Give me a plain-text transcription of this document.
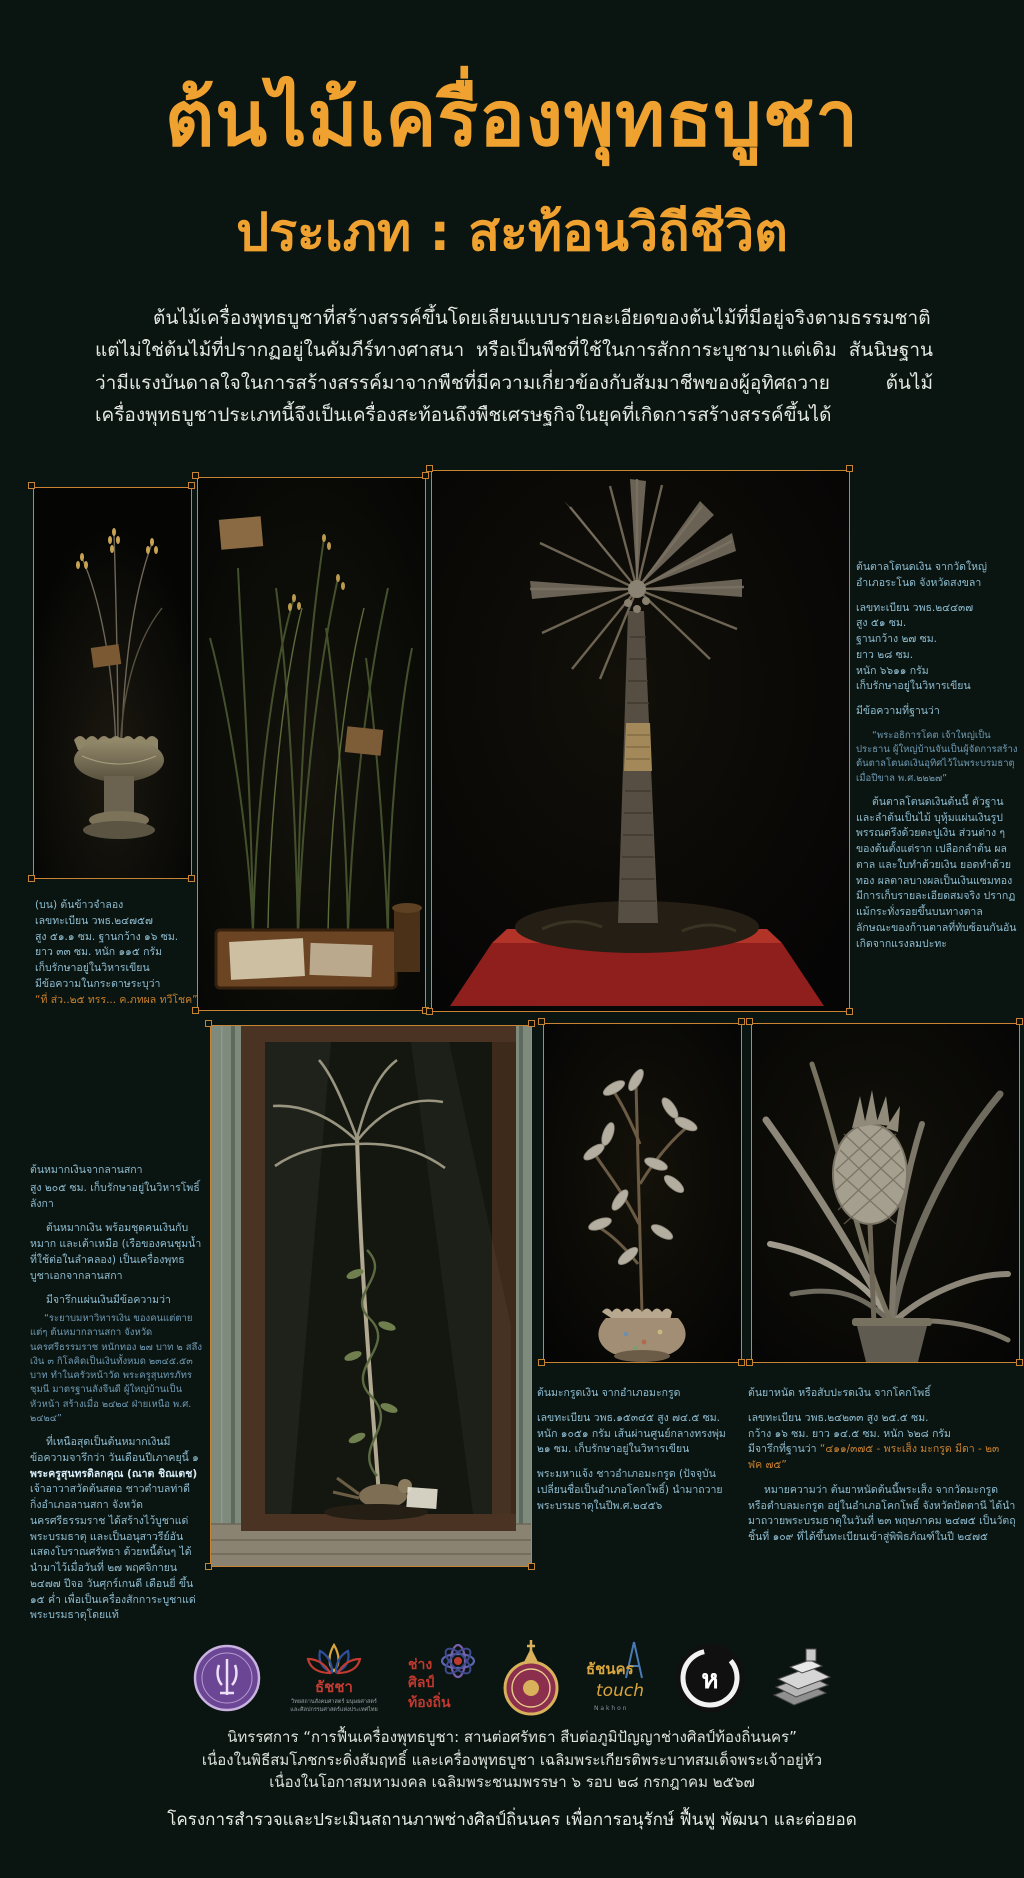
ต้นไม้เครื่องพุทธบูชา
ประเภท : สะท้อนวิถีชีวิต
ต้นไม้เครื่องพุทธบูชาที่สร้างสรรค์ขึ้นโดยเลียนแบบรายละเอียดของต้นไม้ที่มีอยู่จริงตามธรรมชาติ แต่ไม่ใช่ต้นไม้ที่ปรากฏอยู่ในคัมภีร์ทางศาสนา หรือเป็นพืชที่ใช้ในการสักการะบูชามาแต่เดิม สันนิษฐานว่ามีแรงบันดาลใจในการสร้างสรรค์มาจากพืชที่มีความเกี่ยวข้องกับสัมมาชีพของผู้อุทิศถวาย ต้นไม้เครื่องพุทธบูชาประเภทนี้จึงเป็นเครื่องสะท้อนถึงพืชเศรษฐกิจในยุคที่เกิดการสร้างสรรค์ขึ้นได้

ต้นตาลโตนดเงิน จากวัดใหญ่ อำเภอระโนด จังหวัดสงขลา

เลขทะเบียน วพธ.๒๔๔๓๗
สูง ๕๑ ซม.
ฐานกว้าง ๒๗ ซม.
ยาว ๒๘ ซม.
หนัก ๖๖๑๑ กรัม
เก็บรักษาอยู่ในวิหารเขียน

มีข้อความที่ฐานว่า

“พระอธิการโคต เจ้าใหญ่เป็นประธาน ผู้ใหญ่บ้านจันเป็นผู้จัดการสร้างต้นตาลโตนดเงินอุทิศไว้ในพระบรมธาตุเมื่อปีขาล พ.ศ.๒๒๒๗”

ต้นตาลโตนดเงินต้นนี้ ตัวฐาน และลำต้นเป็นไม้ บุหุ้มแผ่นเงินรูปพรรณตรึงด้วยตะปูเงิน ส่วนต่าง ๆ ของต้นตั้งแต่ราก เปลือกลำต้น ผลตาล และใบทำด้วยเงิน ยอดทำด้วยทอง ผลตาลบางผลเป็นเงินแซมทอง มีการเก็บรายละเอียดสมจริง ปรากฏแม้กระทั่งรอยขึ้นบนทางตาล ลักษณะของก้านตาลที่ทับซ้อนกันอันเกิดจากแรงลมปะทะ

(บน) ต้นข้าวจำลอง
เลขทะเบียน วพธ.๒๔๗๕๗
สูง ๕๑.๑ ซม. ฐานกว้าง ๑๖ ซม.
ยาว ๓๓ ซม. หนัก ๑๑๕ กรัม
เก็บรักษาอยู่ในวิหารเขียน
มีข้อความในกระดาษระบุว่า
“ที่ ส่ว..๒๕ ทรร... ค.ภทผล ทวีโชค”

ต้นหมากเงินจากลานสกา

สูง ๒๐๕ ซม. เก็บรักษาอยู่ในวิหารโพธิ์ลังกา

ต้นหมากเงิน พร้อมชุดคนเงินกับหมาก และเต้าเหมือ (เรือของคนชุมน้ำที่ใช้ต่อในลำคลอง) เป็นเครื่องพุทธบูชาเอกจากลานสกา

มีจารึกแผ่นเงินมีข้อความว่า

“ระยาบมหาวิหารเงิน ของคนแต่ตายแต่ๆ ต้นหมากลานสกา จังหวัดนครศรีธรรมราช หนักทอง ๒๗ บาท ๒ สลึง เงิน ๓ กิโลคิดเป็นเงินทั้งหมด ๒๓๔๕.๕๓ บาท ทำในครัวหน้าวัด พระครูสุนทรภัทรชุมนี มาตรฐานลังจีนดี ผู้ใหญ่บ้านเป็นหัวหน้า สร้างเมื่อ ๒๔๒๔ ฝ่ายเหนือ พ.ศ. ๒๔๒๔”

ที่เหนือสุดเป็นต้นหมากเงินมีข้อความจารึกว่า วันเดือนปีเภาคยุนี้ ๑ พระครูสุนทรดิลกคุณ (ณาต ชิณเตช) เจ้าอาวาสวัดต้นสตอ ชาวตำบลท่าดี กิ่งอำเภอลานสกา จังหวัดนครศรีธรรมราช ได้สร้างไว้บูชาแด่พระบรมธาตุ และเป็นอนุสาวรีย์อันแสดงโบราณศรัทธา ด้วยหนี้ต้นๆ ได้นำมาไว้เมื่อวันที่ ๒๗ พฤศจิกายน ๒๔๗๗ ปีจอ วันศุกร์เกนดี เดือนยี่ ขึ้น ๑๕ ค่ำ เพื่อเป็นเครื่องสักการะบูชาแด่พระบรมธาตุโดยแท้

ต้นมะกรูดเงิน จากอำเภอมะกรูด

เลขทะเบียน วพธ.๑๕๓๔๕ สูง ๗๔.๕ ซม. หนัก ๑๐๕๑ กรัม เส้นผ่านศูนย์กลางทรงพุ่ม ๒๑ ซม. เก็บรักษาอยู่ในวิหารเขียน

พระมหาแจ้ง ชาวอำเภอมะกรูด (ปัจจุบันเปลี่ยนชื่อเป็นอำเภอโคกโพธิ์) นำมาถวายพระบรมธาตุในปีพ.ศ.๒๔๕๖

ต้นยาหนัด หรือสับปะรดเงิน จากโคกโพธิ์

เลขทะเบียน วพธ.๒๔๒๓๓ สูง ๒๕.๕ ซม.
กว้าง ๑๖ ซม. ยาว ๑๔.๕ ซม. หนัก ๖๒๘ กรัม
มีจารึกที่ฐานว่า “๔๑๑/๓๗๕ - พระเส็ง มะกรูด มีดา - ๒๓ ฬค ๗๕”

หมายความว่า ต้นยาหนัดต้นนี้พระเส็ง จากวัดมะกรูด หรือตำบลมะกรูด อยู่ในอำเภอโคกโพธิ์ จังหวัดปัตตานี ได้นำมาถวายพระบรมธาตุในวันที่ ๒๓ พฤษภาคม ๒๔๗๕ เป็นวัตถุชิ้นที่ ๑๐๙ ที่ได้ขึ้นทะเบียนเข้าสู่พิพิธภัณฑ์ในปี ๒๔๗๕

ธัชชา
วิทยสถานสังคมศาสตร์ มนุษยศาสตร์
และศิลปกรรมศาสตร์แห่งประเทศไทย
ช่าง
ศิลป์
ท้องถิ่น
ธัชนคร
touch
N a k h o n
ห

นิทรรศการ “การฟื้นเครื่องพุทธบูชา: สานต่อศรัทธา สืบต่อภูมิปัญญาช่างศิลป์ท้องถิ่นนคร”

เนื่องในพิธีสมโภชกระดิ่งสัมฤทธิ์ และเครื่องพุทธบูชา เฉลิมพระเกียรติพระบาทสมเด็จพระเจ้าอยู่หัว

เนื่องในโอกาสมหามงคล เฉลิมพระชนมพรรษา ๖ รอบ ๒๘ กรกฎาคม ๒๕๖๗

โครงการสำรวจและประเมินสถานภาพช่างศิลป์ถิ่นนคร เพื่อการอนุรักษ์ ฟื้นฟู พัฒนา และต่อยอด
